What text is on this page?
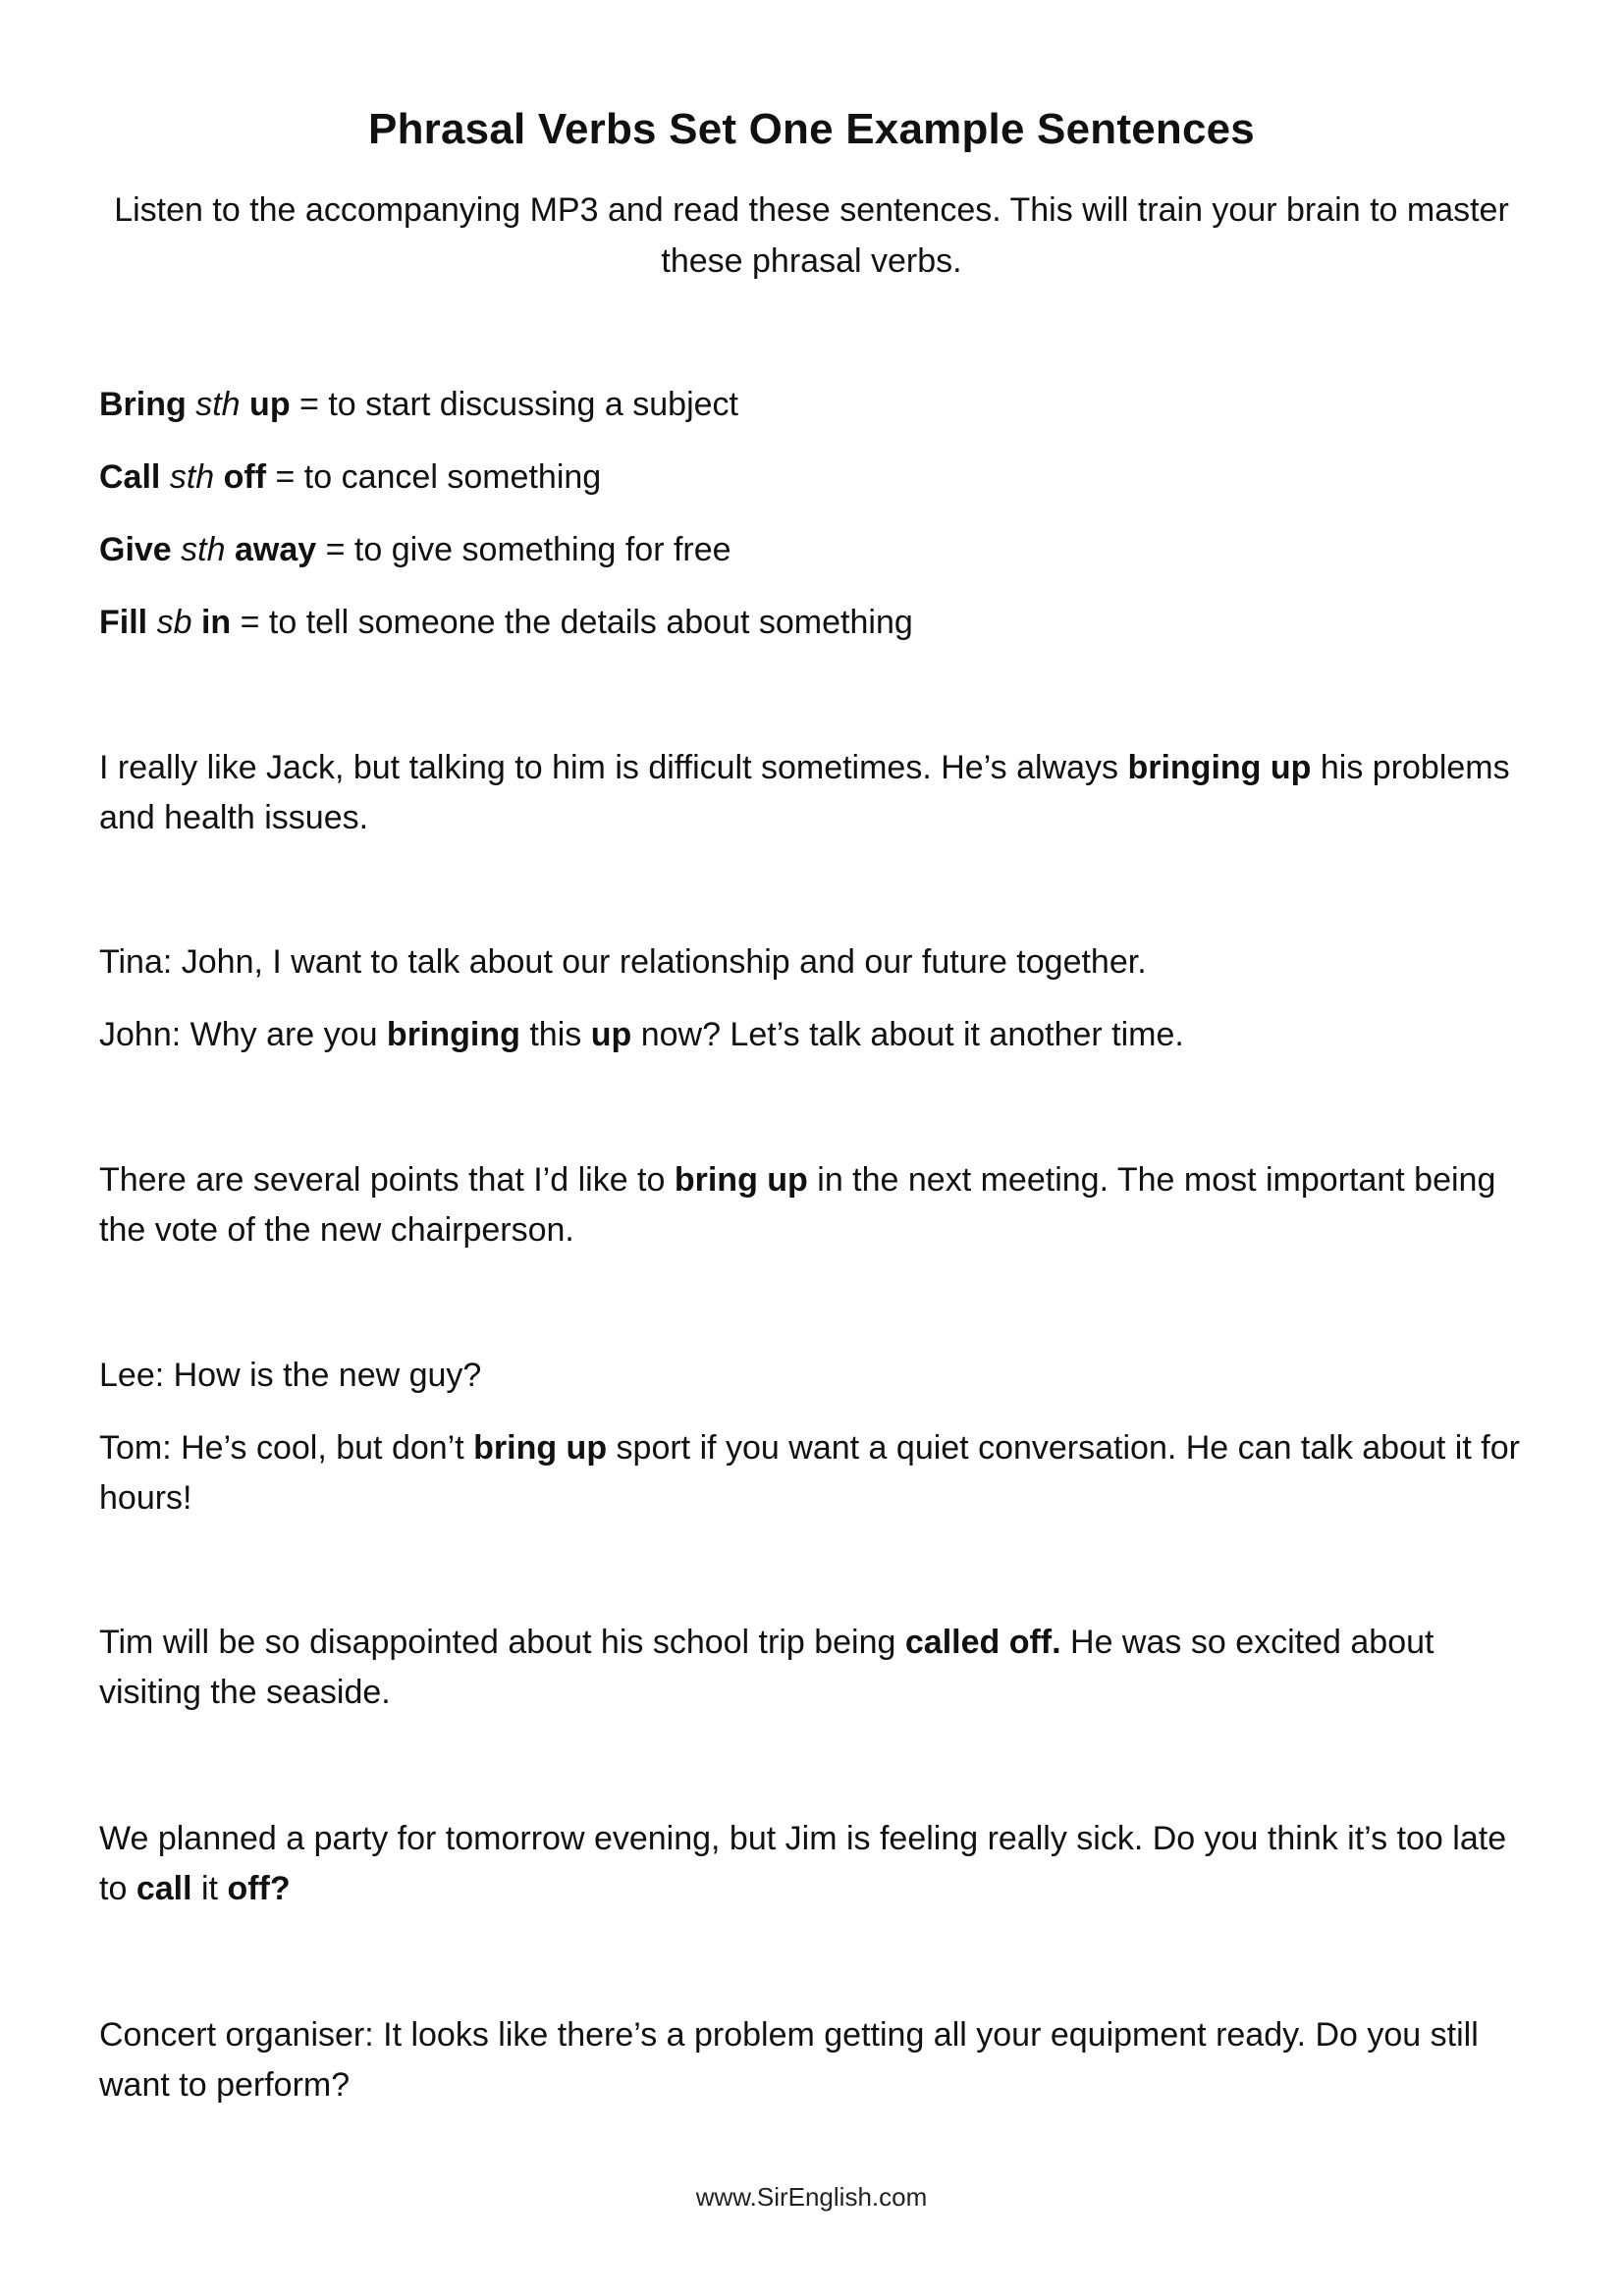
Phrasal Verbs Set One Example Sentences
Listen to the accompanying MP3 and read these sentences. This will train your brain to master these phrasal verbs.
Bring sth up = to start discussing a subject
Call sth off = to cancel something
Give sth away = to give something for free
Fill sb in = to tell someone the details about something
I really like Jack, but talking to him is difficult sometimes. He’s always bringing up his problems and health issues.
Tina: John, I want to talk about our relationship and our future together.
John: Why are you bringing this up now? Let’s talk about it another time.
There are several points that I’d like to bring up in the next meeting. The most important being the vote of the new chairperson.
Lee: How is the new guy?
Tom: He’s cool, but don’t bring up sport if you want a quiet conversation. He can talk about it for hours!
Tim will be so disappointed about his school trip being called off. He was so excited about visiting the seaside.
We planned a party for tomorrow evening, but Jim is feeling really sick. Do you think it’s too late to call it off?
Concert organiser: It looks like there’s a problem getting all your equipment ready. Do you still want to perform?
www.SirEnglish.com
